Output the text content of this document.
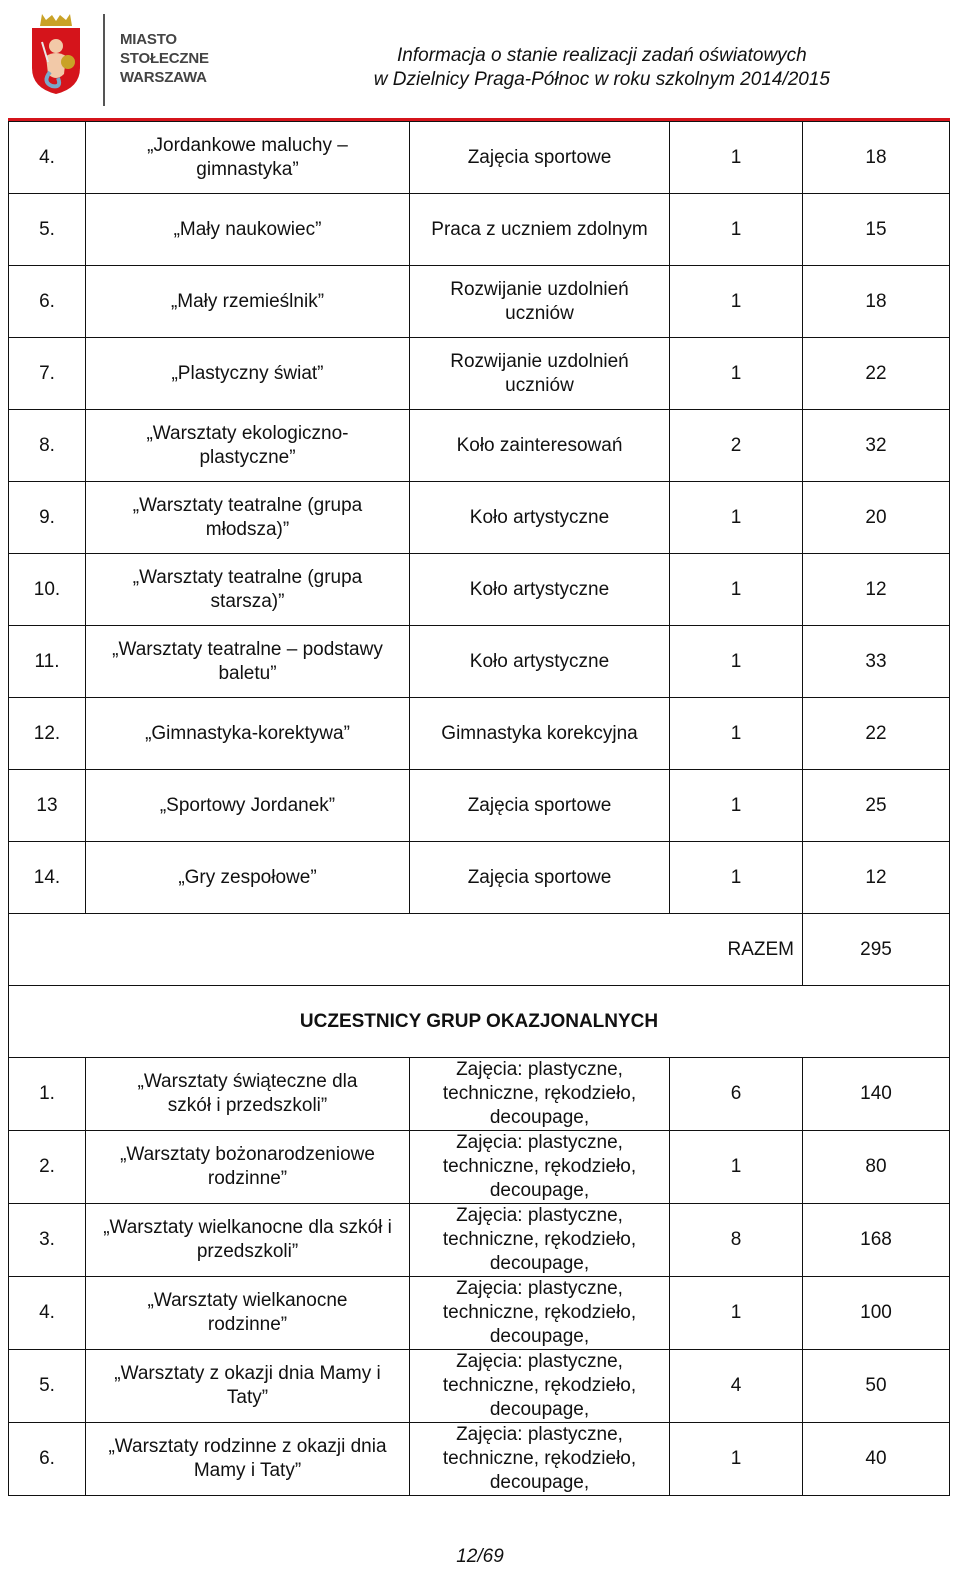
MIASTO
STOŁECZNE
WARSZAWA
Informacja o stanie realizacji zadań oświatowych
w Dzielnicy Praga-Północ w roku szkolnym 2014/2015
4.	„Jordankowe maluchy – gimnastyka”	Zajęcia sportowe	1	18
5.	„Mały naukowiec”	Praca z uczniem zdolnym	1	15
6.	„Mały rzemieślnik”	Rozwijanie uzdolnień uczniów	1	18
7.	„Plastyczny świat”	Rozwijanie uzdolnień uczniów	1	22
8.	„Warsztaty ekologiczno-plastyczne”	Koło zainteresowań	2	32
9.	„Warsztaty teatralne (grupa młodsza)”	Koło artystyczne	1	20
10.	„Warsztaty teatralne (grupa starsza)”	Koło artystyczne	1	12
11.	„Warsztaty teatralne – podstawy baletu”	Koło artystyczne	1	33
12.	„Gimnastyka-korektywa”	Gimnastyka korekcyjna	1	22
13	„Sportowy Jordanek”	Zajęcia sportowe	1	25
14.	„Gry zespołowe”	Zajęcia sportowe	1	12
RAZEM				295
UCZESTNICY GRUP OKAZJONALNYCH				
1.	„Warsztaty świąteczne dla szkół i przedszkoli”	Zajęcia: plastyczne, techniczne, rękodzieło, decoupage,	6	140
2.	„Warsztaty bożonarodzeniowe rodzinne”	Zajęcia: plastyczne, techniczne, rękodzieło, decoupage,	1	80
3.	„Warsztaty wielkanocne dla szkół i przedszkoli”	Zajęcia: plastyczne, techniczne, rękodzieło, decoupage,	8	168
4.	„Warsztaty wielkanocne rodzinne”	Zajęcia: plastyczne, techniczne, rękodzieło, decoupage,	1	100
5.	„Warsztaty z okazji dnia Mamy i Taty”	Zajęcia: plastyczne, techniczne, rękodzieło, decoupage,	4	50
6.	„Warsztaty rodzinne z okazji dnia Mamy i Taty”	Zajęcia: plastyczne, techniczne, rękodzieło, decoupage,	1	40
12/69
